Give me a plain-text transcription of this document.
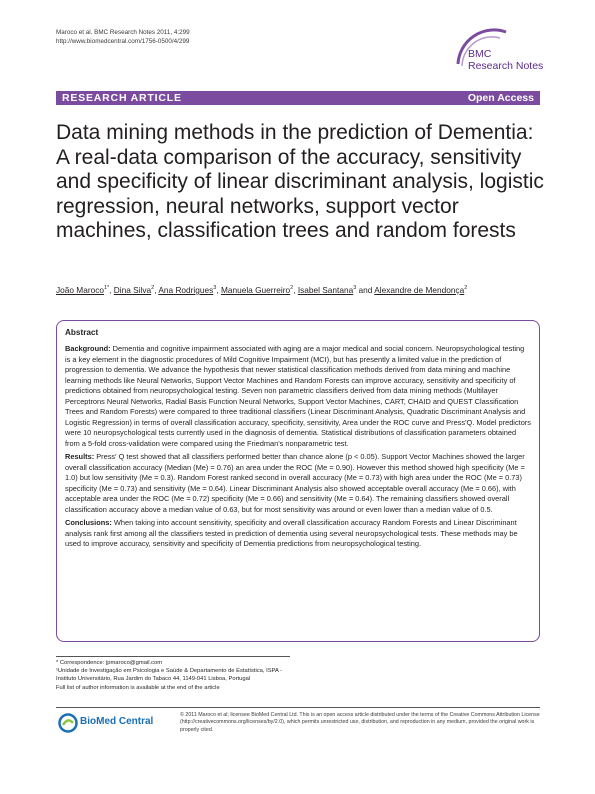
Maroco et al. BMC Research Notes 2011, 4:299
http://www.biomedcentral.com/1756-0500/4/299
BMC
Research Notes
RESEARCH ARTICLE	Open Access
Data mining methods in the prediction of Dementia: A real-data comparison of the accuracy, sensitivity and specificity of linear discriminant analysis, logistic regression, neural networks, support vector machines, classification trees and random forests
João Maroco$^{1*}$, Dina Silva$^2$, Ana Rodrigues$^3$, Manuela Guerreiro$^2$, Isabel Santana$^3$ and Alexandre de Mendonça$^2$
Abstract
Background: Dementia and cognitive impairment associated with aging are a major medical and social concern. Neuropsychological testing is a key element in the diagnostic procedures of Mild Cognitive Impairment (MCI), but has presently a limited value in the prediction of progression to dementia. We advance the hypothesis that newer statistical classification methods derived from data mining and machine learning methods like Neural Networks, Support Vector Machines and Random Forests can improve accuracy, sensitivity and specificity of predictions obtained from neuropsychological testing. Seven non parametric classifiers derived from data mining methods (Multilayer Perceptrons Neural Networks, Radial Basis Function Neural Networks, Support Vector Machines, CART, CHAID and QUEST Classification Trees and Random Forests) were compared to three traditional classifiers (Linear Discriminant Analysis, Quadratic Discriminant Analysis and Logistic Regression) in terms of overall classification accuracy, specificity, sensitivity, Area under the ROC curve and Press'Q. Model predictors were 10 neuropsychological tests currently used in the diagnosis of dementia. Statistical distributions of classification parameters obtained from a 5-fold cross-validation were compared using the Friedman's nonparametric test.
Results: Press' Q test showed that all classifiers performed better than chance alone (p < 0.05). Support Vector Machines showed the larger overall classification accuracy (Median (Me) = 0.76) an area under the ROC (Me = 0.90). However this method showed high specificity (Me = 1.0) but low sensitivity (Me = 0.3). Random Forest ranked second in overall accuracy (Me = 0.73) with high area under the ROC (Me = 0.73) specificity (Me = 0.73) and sensitivity (Me = 0.64). Linear Discriminant Analysis also showed acceptable overall accuracy (Me = 0.66), with acceptable area under the ROC (Me = 0.72) specificity (Me = 0.66) and sensitivity (Me = 0.64). The remaining classifiers showed overall classification accuracy above a median value of 0.63, but for most sensitivity was around or even lower than a median value of 0.5.
Conclusions: When taking into account sensitivity, specificity and overall classification accuracy Random Forests and Linear Discriminant analysis rank first among all the classifiers tested in prediction of dementia using several neuropsychological tests. These methods may be used to improve accuracy, sensitivity and specificity of Dementia predictions from neuropsychological testing.
* Correspondence: jpmaroco@gmail.com
¹Unidade de Investigação em Psicologia e Saúde & Departamento de Estatística, ISPA - Instituto Universitário, Rua Jardim do Tabaco 44, 1149-041 Lisboa, Portugal
Full list of author information is available at the end of the article
BioMed Central
© 2011 Maroco et al; licensee BioMed Central Ltd. This is an open access article distributed under the terms of the Creative Commons Attribution License (http://creativecommons.org/licenses/by/2.0), which permits unrestricted use, distribution, and reproduction in any medium, provided the original work is properly cited.
